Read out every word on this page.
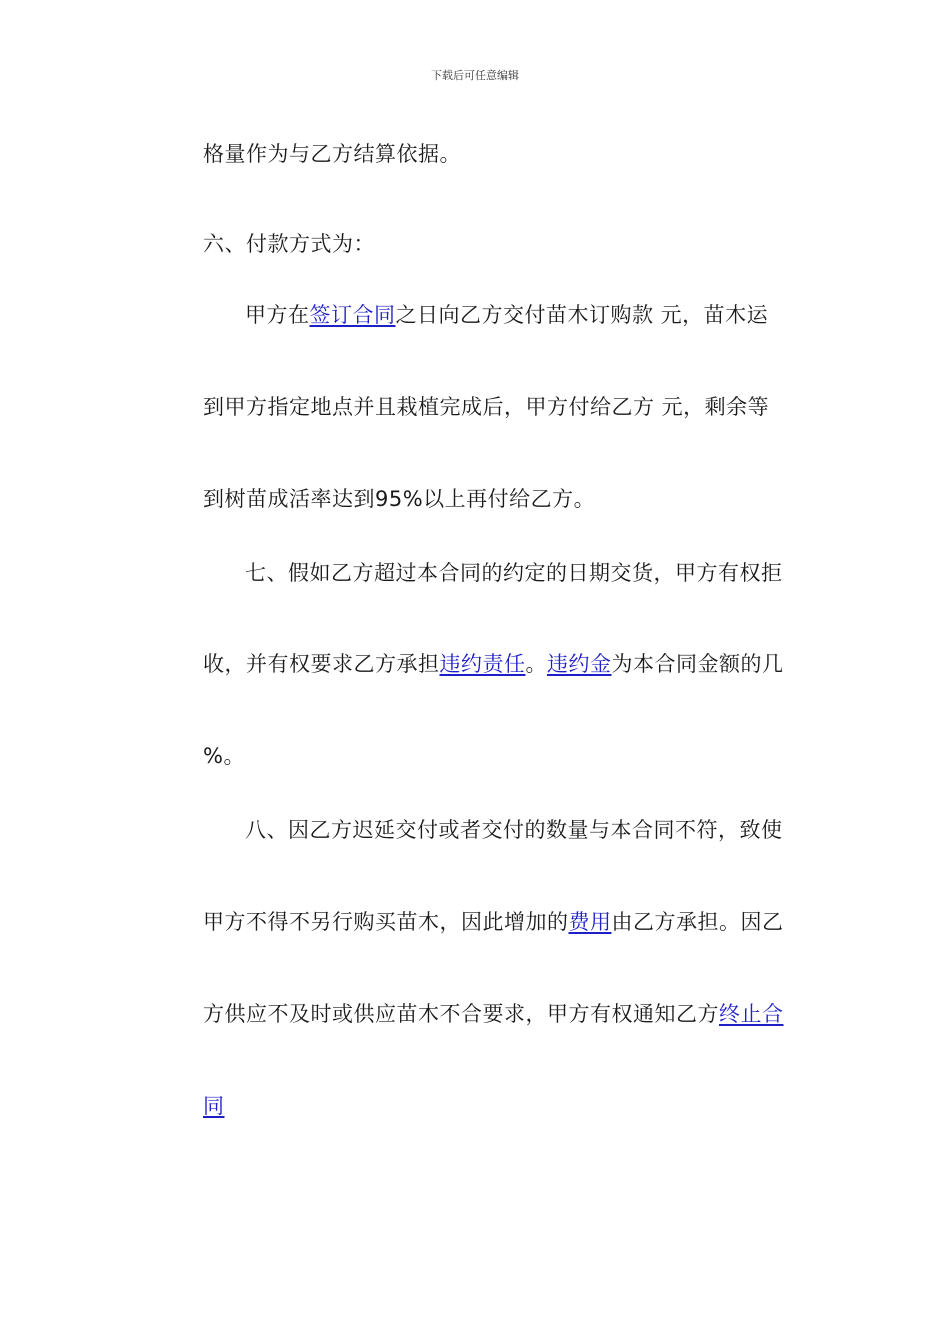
下载后可任意编辑
格量作为与乙方结算依据。
六、付款方式为：
甲方在签订合同之日向乙方交付苗木订购款 元，苗木运
到甲方指定地点并且栽植完成后，甲方付给乙方 元，剩余等
到树苗成活率达到95%以上再付给乙方。
七、假如乙方超过本合同的约定的日期交货，甲方有权拒
收，并有权要求乙方承担违约责任。违约金为本合同金额的几
%。
八、因乙方迟延交付或者交付的数量与本合同不符，致使
甲方不得不另行购买苗木，因此增加的费用由乙方承担。因乙
方供应不及时或供应苗木不合要求，甲方有权通知乙方终止合
同
